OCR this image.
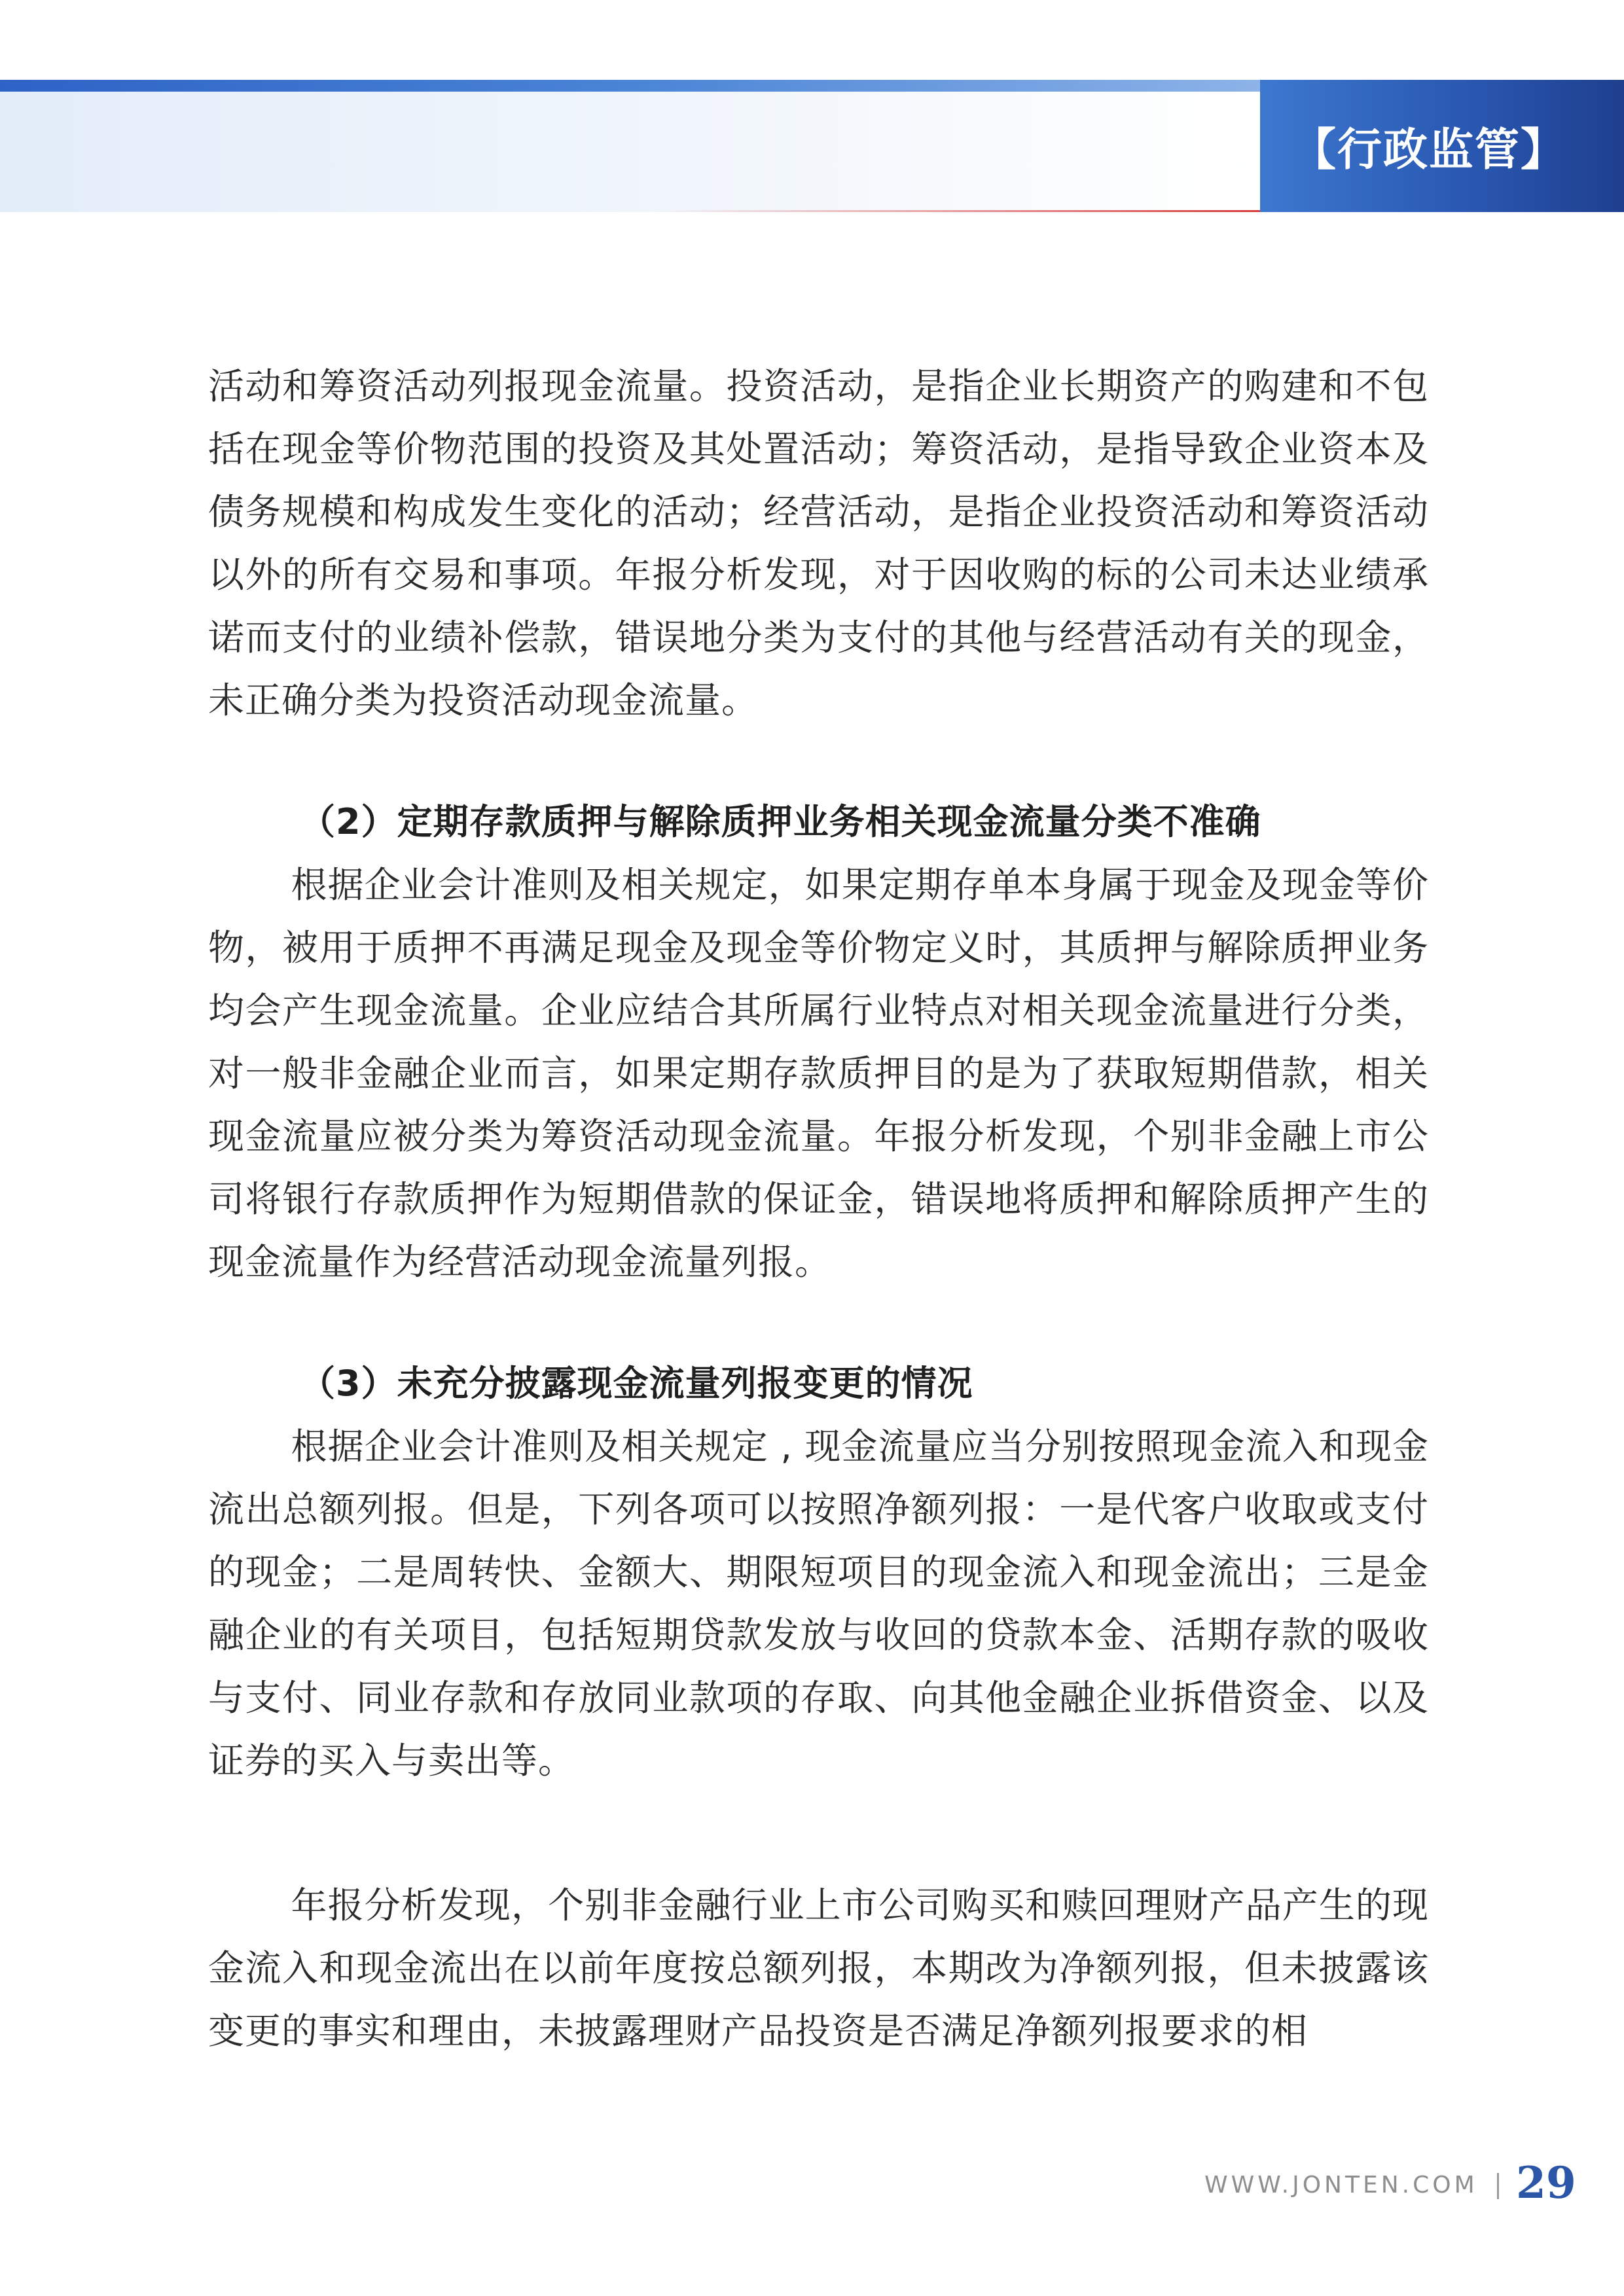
【行政监管】

活动和筹资活动列报现金流量。投资活动，是指企业长期资产的购建和不包括在现金等价物范围的投资及其处置活动；筹资活动，是指导致企业资本及债务规模和构成发生变化的活动；经营活动，是指企业投资活动和筹资活动以外的所有交易和事项。年报分析发现，对于因收购的标的公司未达业绩承诺而支付的业绩补偿款，错误地分类为支付的其他与经营活动有关的现金，未正确分类为投资活动现金流量。

（2）定期存款质押与解除质押业务相关现金流量分类不准确

根据企业会计准则及相关规定，如果定期存单本身属于现金及现金等价物，被用于质押不再满足现金及现金等价物定义时，其质押与解除质押业务均会产生现金流量。企业应结合其所属行业特点对相关现金流量进行分类，对一般非金融企业而言，如果定期存款质押目的是为了获取短期借款，相关现金流量应被分类为筹资活动现金流量。年报分析发现，个别非金融上市公司将银行存款质押作为短期借款的保证金，错误地将质押和解除质押产生的现金流量作为经营活动现金流量列报。

（3）未充分披露现金流量列报变更的情况

根据企业会计准则及相关规定 , 现金流量应当分别按照现金流入和现金流出总额列报。但是，下列各项可以按照净额列报：一是代客户收取或支付的现金；二是周转快、金额大、期限短项目的现金流入和现金流出；三是金融企业的有关项目，包括短期贷款发放与收回的贷款本金、活期存款的吸收与支付、同业存款和存放同业款项的存取、向其他金融企业拆借资金、以及证券的买入与卖出等。

年报分析发现，个别非金融行业上市公司购买和赎回理财产品产生的现金流入和现金流出在以前年度按总额列报，本期改为净额列报，但未披露该变更的事实和理由，未披露理财产品投资是否满足净额列报要求的相

WWW.JONTEN.COM 29
